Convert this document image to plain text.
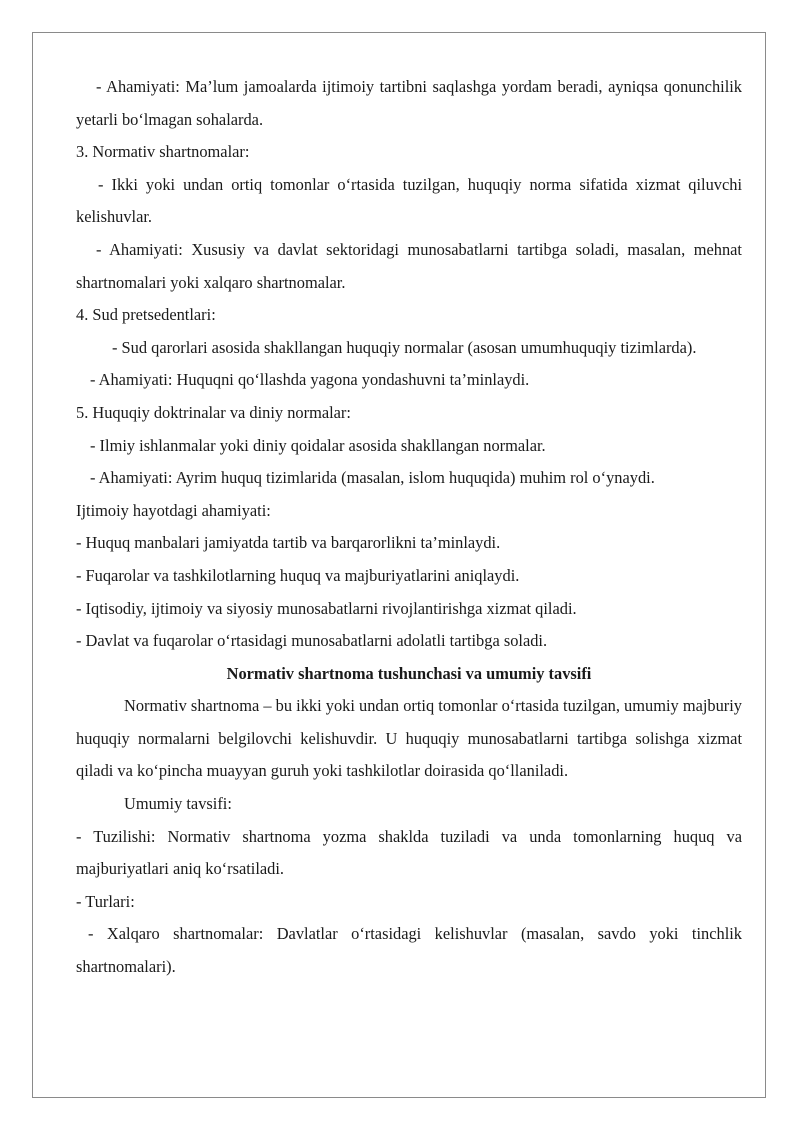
- Ahamiyati: Ma’lum jamoalarda ijtimoiy tartibni saqlashga yordam beradi, ayniqsa qonunchilik yetarli bo‘lmagan sohalarda.

3. Normativ shartnomalar:

- Ikki yoki undan ortiq tomonlar o‘rtasida tuzilgan, huquqiy norma sifatida xizmat qiluvchi kelishuvlar.

- Ahamiyati: Xususiy va davlat sektoridagi munosabatlarni tartibga soladi, masalan, mehnat shartnomalari yoki xalqaro shartnomalar.

4. Sud pretsedentlari:

- Sud qarorlari asosida shakllangan huquqiy normalar (asosan umumhuquqiy tizimlarda).

- Ahamiyati: Huquqni qo‘llashda yagona yondashuvni ta’minlaydi.

5. Huquqiy doktrinalar va diniy normalar:

- Ilmiy ishlanmalar yoki diniy qoidalar asosida shakllangan normalar.

- Ahamiyati: Ayrim huquq tizimlarida (masalan, islom huquqida) muhim rol o‘ynaydi.

Ijtimoiy hayotdagi ahamiyati:

- Huquq manbalari jamiyatda tartib va barqarorlikni ta’minlaydi.

- Fuqarolar va tashkilotlarning huquq va majburiyatlarini aniqlaydi.

- Iqtisodiy, ijtimoiy va siyosiy munosabatlarni rivojlantirishga xizmat qiladi.

- Davlat va fuqarolar o‘rtasidagi munosabatlarni adolatli tartibga soladi.

Normativ shartnoma tushunchasi va umumiy tavsifi

Normativ shartnoma – bu ikki yoki undan ortiq tomonlar o‘rtasida tuzilgan, umumiy majburiy huquqiy normalarni belgilovchi kelishuvdir. U huquqiy munosabatlarni tartibga solishga xizmat qiladi va ko‘pincha muayyan guruh yoki tashkilotlar doirasida qo‘llaniladi.

Umumiy tavsifi:

- Tuzilishi: Normativ shartnoma yozma shaklda tuziladi va unda tomonlarning huquq va majburiyatlari aniq ko‘rsatiladi.

- Turlari:

- Xalqaro shartnomalar: Davlatlar o‘rtasidagi kelishuvlar (masalan, savdo yoki tinchlik shartnomalari).
